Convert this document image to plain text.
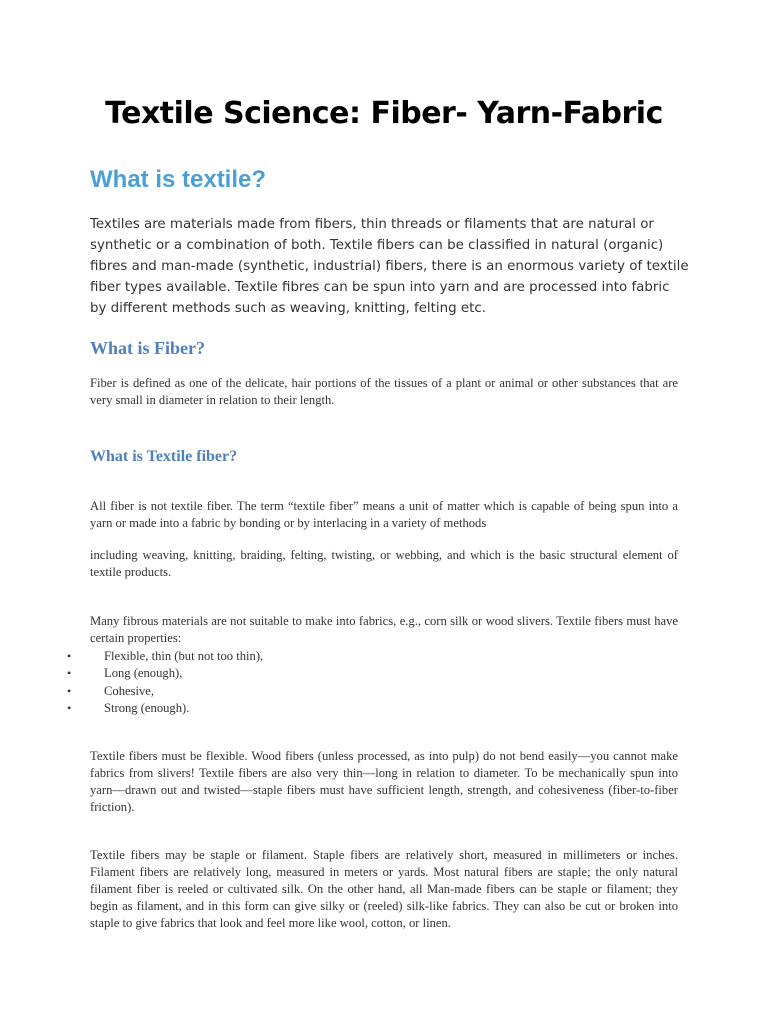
Textile Science: Fiber- Yarn-Fabric
What is textile?

Textiles are materials made from fibers, thin threads or filaments that are natural or synthetic or a combination of both. Textile fibers can be classified in natural (organic) fibres and man-made (synthetic, industrial) fibers, there is an enormous variety of textile fiber types available. Textile fibres can be spun into yarn and are processed into fabric by different methods such as weaving, knitting, felting etc.

What is Fiber?

Fiber is defined as one of the delicate, hair portions of the tissues of a plant or animal or other substances that are very small in diameter in relation to their length.

What is Textile fiber?

All fiber is not textile fiber. The term “textile fiber” means a unit of matter which is capable of being spun into a yarn or made into a fabric by bonding or by interlacing in a variety of methods

including weaving, knitting, braiding, felting, twisting, or webbing, and which is the basic structural element of textile products.

Many fibrous materials are not suitable to make into fabrics, e.g., corn silk or wood slivers. Textile fibers must have certain properties:

•	Flexible, thin (but not too thin),
•	Long (enough),
•	Cohesive,
•	Strong (enough).

Textile fibers must be flexible. Wood fibers (unless processed, as into pulp) do not bend easily—you cannot make fabrics from slivers! Textile fibers are also very thin—long in relation to diameter. To be mechanically spun into yarn—drawn out and twisted—staple fibers must have sufficient length, strength, and cohesiveness (fiber-to-fiber friction).

Textile fibers may be staple or filament. Staple fibers are relatively short, measured in millimeters or inches. Filament fibers are relatively long, measured in meters or yards. Most natural fibers are staple; the only natural filament fiber is reeled or cultivated silk. On the other hand, all Man-made fibers can be staple or filament; they begin as filament, and in this form can give silky or (reeled) silk-like fabrics. They can also be cut or broken into staple to give fabrics that look and feel more like wool, cotton, or linen.
